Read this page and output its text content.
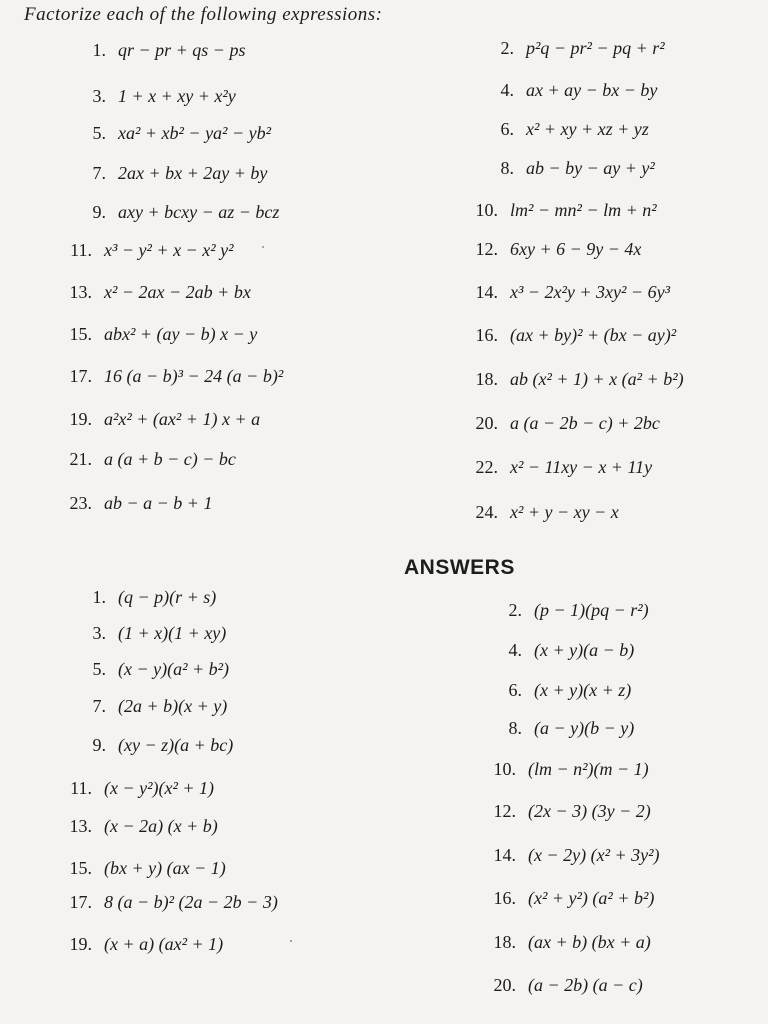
Factorize each of the following expressions:
1. qr − pr + qs − ps	2. p²q − pr² − pq + r²
3. 1 + x + xy + x²y	4. ax + ay − bx − by
5. xa² + xb² − ya² − yb²	6. x² + xy + xz + yz
7. 2ax + bx + 2ay + by	8. ab − by − ay + y²
9. axy + bcxy − az − bcz	10. lm² − mn² − lm + n²
11. x³ − y² + x − x² y²	12. 6xy + 6 − 9y − 4x
13. x² − 2ax − 2ab + bx	14. x³ − 2x²y + 3xy² − 6y³
15. abx² + (ay − b) x − y	16. (ax + by)² + (bx − ay)²
17. 16 (a − b)³ − 24 (a − b)²	18. ab (x² + 1) + x (a² + b²)
19. a²x² + (ax² + 1) x + a	20. a (a − 2b − c) + 2bc
21. a (a + b − c) − bc	22. x² − 11xy − x + 11y
23. ab − a − b + 1	24. x² + y − xy − x
ANSWERS
1. (q − p)(r + s)
2. (p − 1)(pq − r²)
3. (1 + x)(1 + xy)
4. (x + y)(a − b)
5. (x − y)(a² + b²)
6. (x + y)(x + z)
7. (2a + b)(x + y)
8. (a − y)(b − y)
9. (xy − z)(a + bc)
10. (lm − n²)(m − 1)
11. (x − y²)(x² + 1)
12. (2x − 3) (3y − 2)
13. (x − 2a) (x + b)
14. (x − 2y) (x² + 3y²)
15. (bx + y) (ax − 1)
16. (x² + y²) (a² + b²)
17. 8 (a − b)² (2a − 2b − 3)
18. (ax + b) (bx + a)
19. (x + a) (ax² + 1)
20. (a − 2b) (a − c)
